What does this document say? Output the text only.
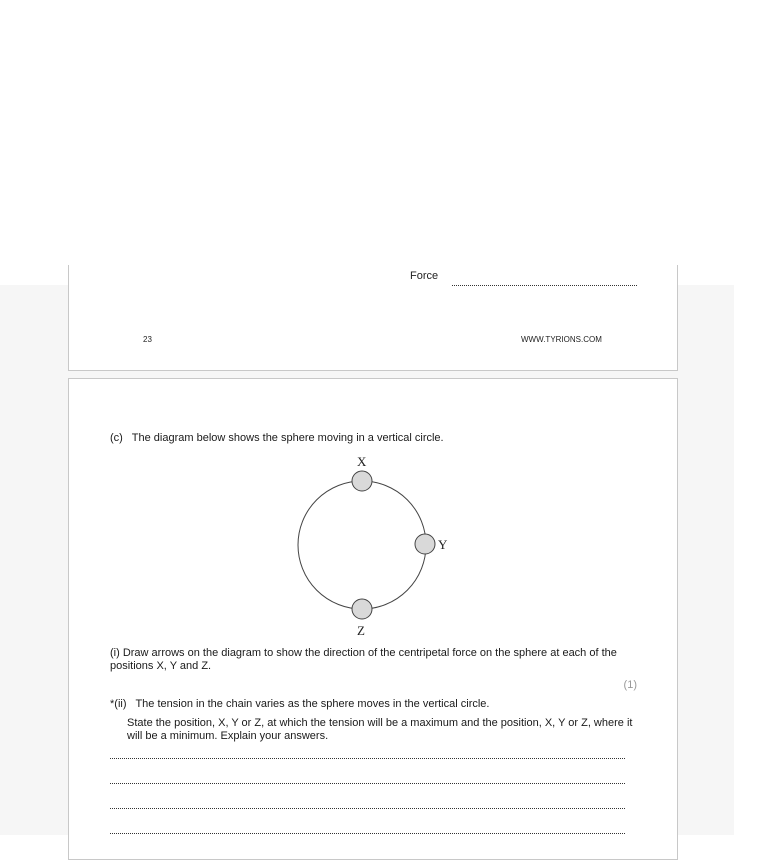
Force
23	WWW.TYRIONS.COM
(c)   The diagram below shows the sphere moving in a vertical circle.
X
Y
Z
(i) Draw arrows on the diagram to show the direction of the centripetal force on the sphere at each of the positions X, Y and Z.
(1)
*(ii)   The tension in the chain varies as the sphere moves in the vertical circle.
State the position, X, Y or Z, at which the tension will be a maximum and the position, X, Y or Z, where it will be a minimum. Explain your answers.
